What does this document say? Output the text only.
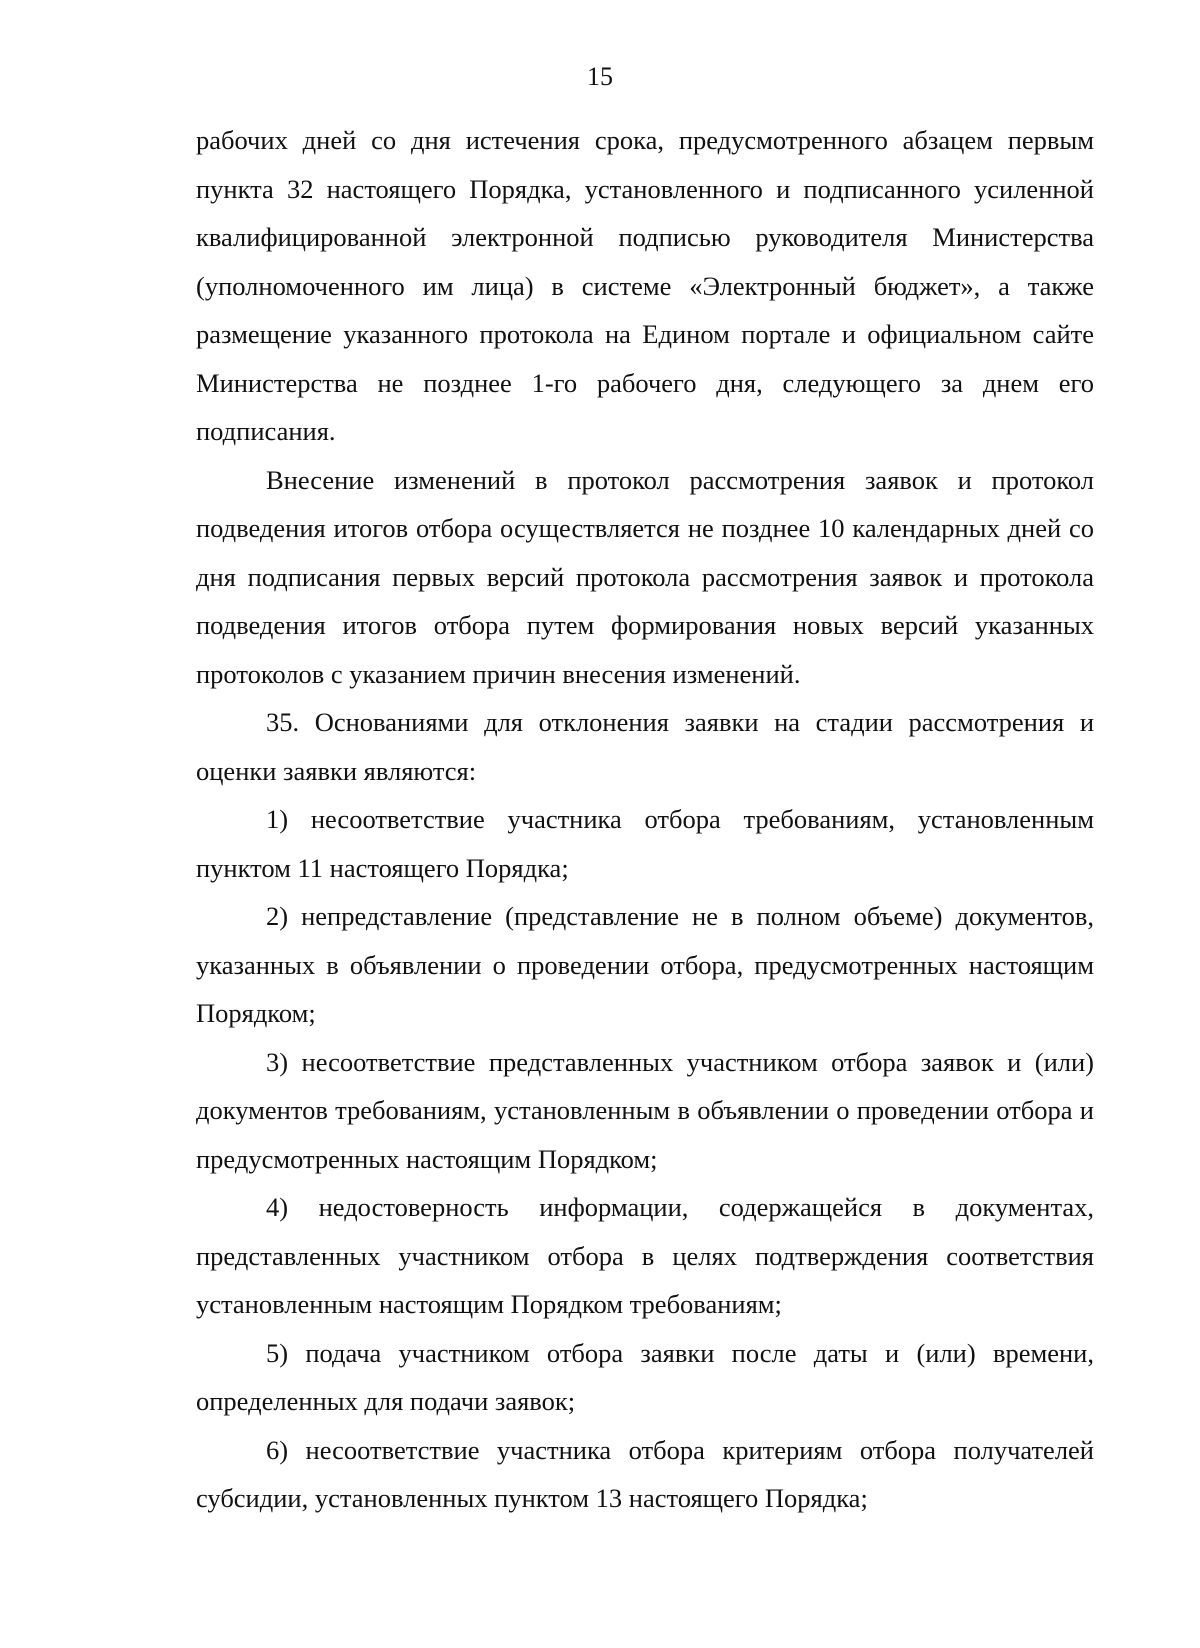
15

рабочих дней со дня истечения срока, предусмотренного абзацем первым пункта 32 настоящего Порядка, установленного и подписанного усиленной квалифицированной электронной подписью руководителя Министерства (уполномоченного им лица) в системе «Электронный бюджет», а также размещение указанного протокола на Едином портале и официальном сайте Министерства не позднее 1-го рабочего дня, следующего за днем его подписания.

Внесение изменений в протокол рассмотрения заявок и протокол подведения итогов отбора осуществляется не позднее 10 календарных дней со дня подписания первых версий протокола рассмотрения заявок и протокола подведения итогов отбора путем формирования новых версий указанных протоколов с указанием причин внесения изменений.

35. Основаниями для отклонения заявки на стадии рассмотрения и оценки заявки являются:

1) несоответствие участника отбора требованиям, установленным пунктом 11 настоящего Порядка;

2) непредставление (представление не в полном объеме) документов, указанных в объявлении о проведении отбора, предусмотренных настоящим Порядком;

3) несоответствие представленных участником отбора заявок и (или) документов требованиям, установленным в объявлении о проведении отбора и предусмотренных настоящим Порядком;

4) недостоверность информации, содержащейся в документах, представленных участником отбора в целях подтверждения соответствия установленным настоящим Порядком требованиям;

5) подача участником отбора заявки после даты и (или) времени, определенных для подачи заявок;

6) несоответствие участника отбора критериям отбора получателей субсидии, установленных пунктом 13 настоящего Порядка;
